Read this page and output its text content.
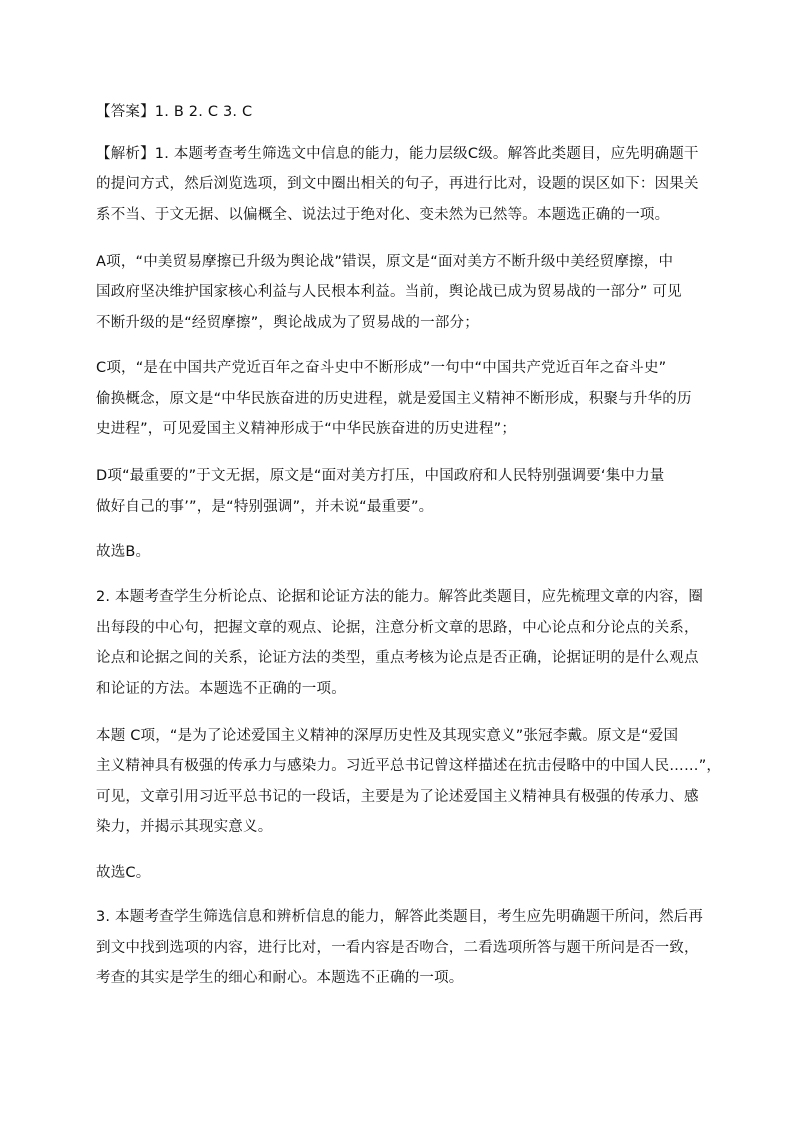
【答案】1. B 2. C 3. C
【解析】1. 本题考查考生筛选文中信息的能力，能力层级C级。解答此类题目，应先明确题干
的提问方式，然后浏览选项，到文中圈出相关的句子，再进行比对，设题的误区如下：因果关
系不当、于文无据、以偏概全、说法过于绝对化、变未然为已然等。本题选正确的一项。
A项，“中美贸易摩擦已升级为舆论战”错误，原文是“面对美方不断升级中美经贸摩擦，中
国政府坚决维护国家核心利益与人民根本利益。当前，舆论战已成为贸易战的一部分” 可见
不断升级的是“经贸摩擦”，舆论战成为了贸易战的一部分；
C项，“是在中国共产党近百年之奋斗史中不断形成”一句中“中国共产党近百年之奋斗史”
偷换概念，原文是“中华民族奋进的历史进程，就是爱国主义精神不断形成，积聚与升华的历
史进程”，可见爱国主义精神形成于“中华民族奋进的历史进程”；
D项“最重要的”于文无据，原文是“面对美方打压，中国政府和人民特别强调要‘集中力量
做好自己的事’”，是“特别强调”，并未说“最重要”。
故选B。
2. 本题考查学生分析论点、论据和论证方法的能力。解答此类题目，应先梳理文章的内容，圈
出每段的中心句，把握文章的观点、论据，注意分析文章的思路，中心论点和分论点的关系，
论点和论据之间的关系，论证方法的类型，重点考核为论点是否正确，论据证明的是什么观点
和论证的方法。本题选不正确的一项。
本题 C项，“是为了论述爱国主义精神的深厚历史性及其现实意义”张冠李戴。原文是“爱国
主义精神具有极强的传承力与感染力。习近平总书记曾这样描述在抗击侵略中的中国人民……”，
可见，文章引用习近平总书记的一段话，主要是为了论述爱国主义精神具有极强的传承力、感
染力，并揭示其现实意义。
故选C。
3. 本题考查学生筛选信息和辨析信息的能力，解答此类题目，考生应先明确题干所问，然后再
到文中找到选项的内容，进行比对，一看内容是否吻合，二看选项所答与题干所问是否一致，
考查的其实是学生的细心和耐心。本题选不正确的一项。
